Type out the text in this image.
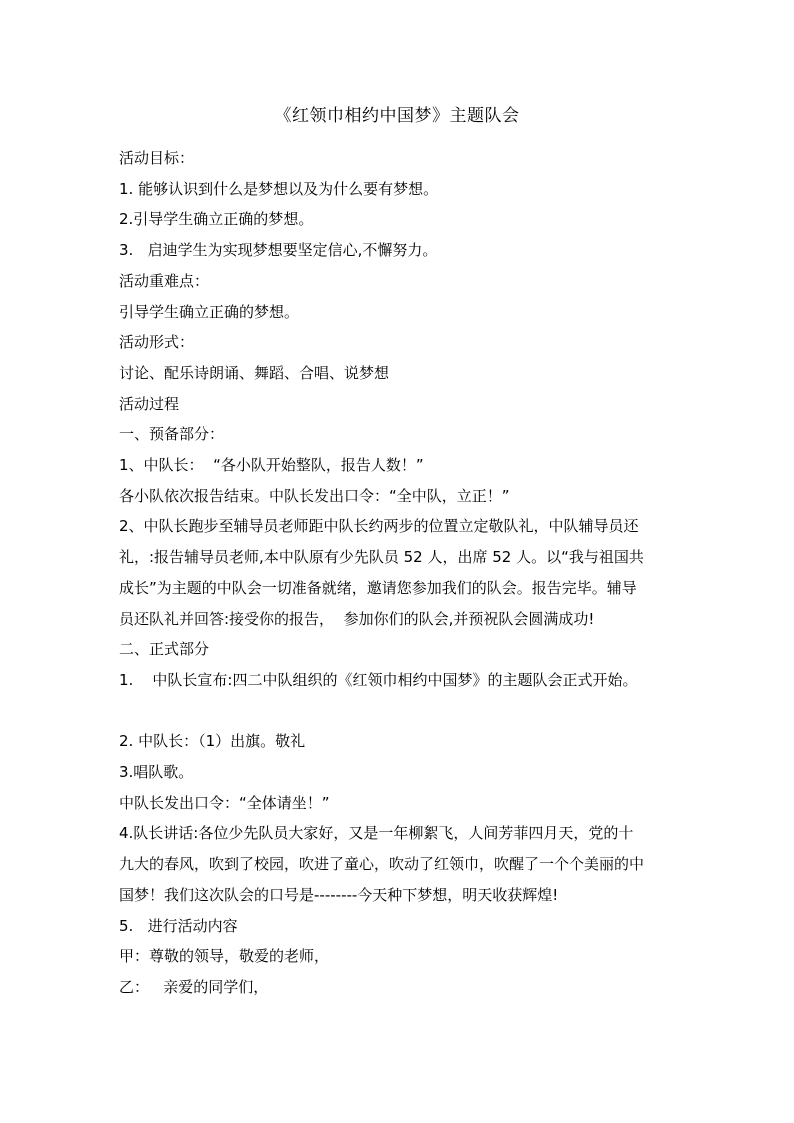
《红领巾相约中国梦》主题队会

活动目标：

1. 能够认识到什么是梦想以及为什么要有梦想。

2.引导学生确立正确的梦想。

3.   启迪学生为实现梦想要坚定信心,不懈努力。

活动重难点：

引导学生确立正确的梦想。

活动形式：

讨论、配乐诗朗诵、舞蹈、合唱、说梦想

活动过程

一、预备部分：

1、中队长：  “各小队开始整队，报告人数！”

各小队依次报告结束。中队长发出口令：“全中队，立正！”

2、中队长跑步至辅导员老师距中队长约两步的位置立定敬队礼，中队辅导员还

礼，:报告辅导员老师,本中队原有少先队员 52 人，出席 52 人。以“我与祖国共

成长”为主题的中队会一切准备就绪，邀请您参加我们的队会。报告完毕。辅导

员还队礼并回答:接受你的报告，  参加你们的队会,并预祝队会圆满成功!

二、正式部分

1.    中队长宣布:四二中队组织的《红领巾相约中国梦》的主题队会正式开始。

2. 中队长：（1）出旗。敬礼

3.唱队歌。

中队长发出口令：“全体请坐！”

4.队长讲话:各位少先队员大家好，又是一年柳絮飞，人间芳菲四月天，党的十

九大的春风，吹到了校园，吹进了童心，吹动了红领巾，吹醒了一个个美丽的中

国梦！我们这次队会的口号是--------今天种下梦想，明天收获辉煌!

5.   进行活动内容

甲：尊敬的领导，敬爱的老师，

乙：   亲爱的同学们，
